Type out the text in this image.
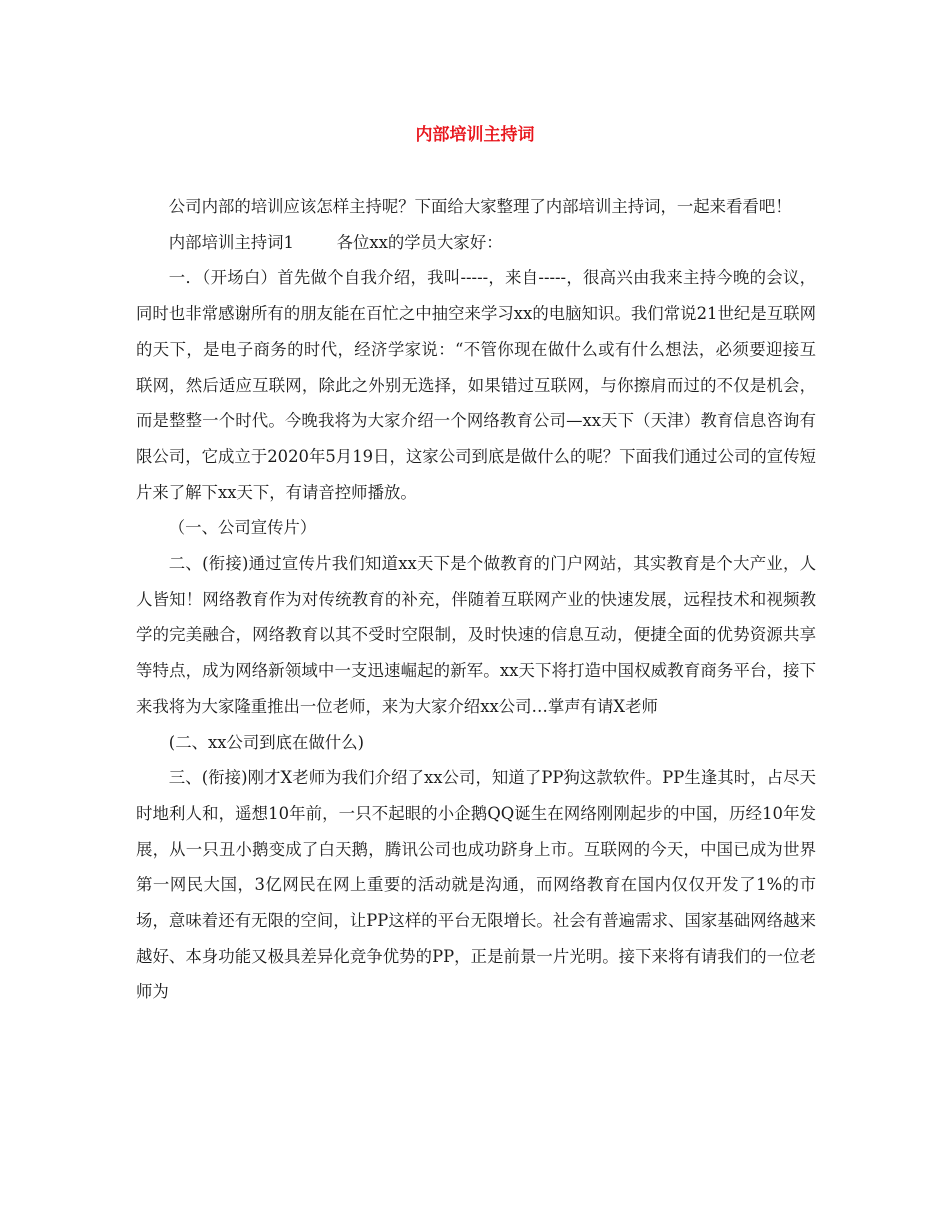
内部培训主持词

公司内部的培训应该怎样主持呢？下面给大家整理了内部培训主持词，一起来看看吧！

内部培训主持词1	各位xx的学员大家好：

一．（开场白）首先做个自我介绍，我叫-----，来自-----，很高兴由我来主持今晚的会议，同时也非常感谢所有的朋友能在百忙之中抽空来学习xx的电脑知识。我们常说21世纪是互联网的天下，是电子商务的时代，经济学家说：“不管你现在做什么或有什么想法，必须要迎接互联网，然后适应互联网，除此之外别无选择，如果错过互联网，与你擦肩而过的不仅是机会，而是整整一个时代。今晚我将为大家介绍一个网络教育公司—xx天下（天津）教育信息咨询有限公司，它成立于2020年5月19日，这家公司到底是做什么的呢？下面我们通过公司的宣传短片来了解下xx天下，有请音控师播放。

（一、公司宣传片）

二、(衔接)通过宣传片我们知道xx天下是个做教育的门户网站，其实教育是个大产业，人人皆知！网络教育作为对传统教育的补充，伴随着互联网产业的快速发展，远程技术和视频教学的完美融合，网络教育以其不受时空限制，及时快速的信息互动，便捷全面的优势资源共享等特点，成为网络新领域中一支迅速崛起的新军。xx天下将打造中国权威教育商务平台，接下来我将为大家隆重推出一位老师，来为大家介绍xx公司…掌声有请X老师

(二、xx公司到底在做什么)

三、(衔接)刚才X老师为我们介绍了xx公司，知道了PP狗这款软件。PP生逢其时，占尽天时地利人和，遥想10年前，一只不起眼的小企鹅QQ诞生在网络刚刚起步的中国，历经10年发展，从一只丑小鹅变成了白天鹅，腾讯公司也成功跻身上市。互联网的今天，中国已成为世界第一网民大国，3亿网民在网上重要的活动就是沟通，而网络教育在国内仅仅开发了1%的市场，意味着还有无限的空间，让PP这样的平台无限增长。社会有普遍需求、国家基础网络越来越好、本身功能又极具差异化竞争优势的PP，正是前景一片光明。接下来将有请我们的一位老师为
